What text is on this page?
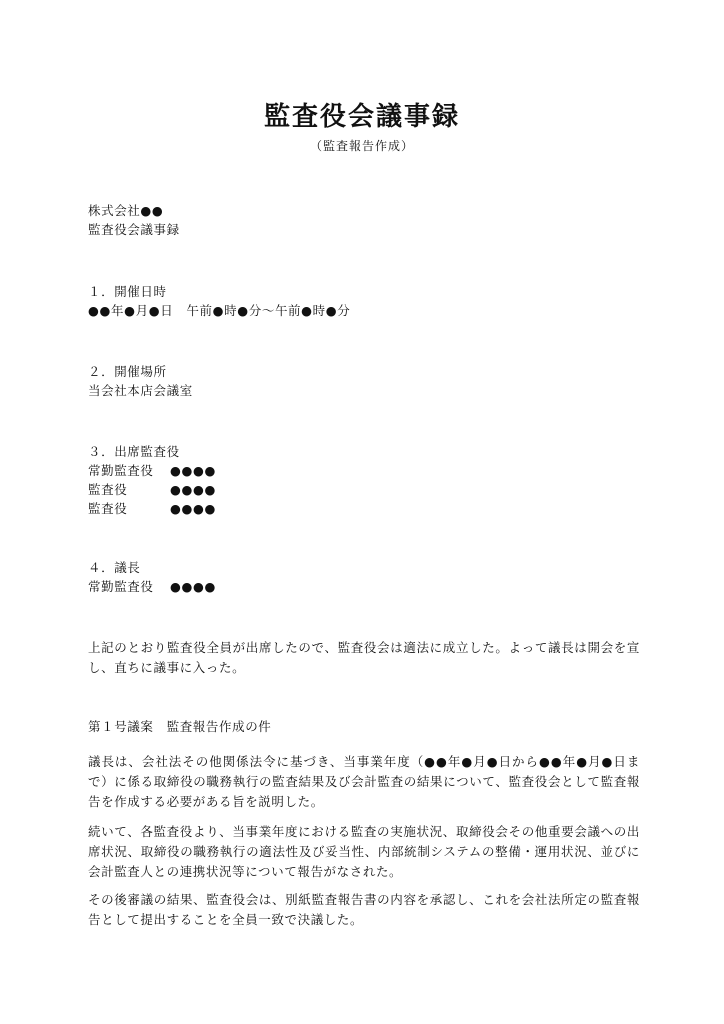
監査役会議事録
（監査報告作成）
株式会社●●
監査役会議事録
１．開催日時
●●年●月●日　午前●時●分〜午前●時●分
２．開催場所
当会社本店会議室
３．出席監査役
常勤監査役	●●●●
監査役	●●●●
監査役	●●●●
４．議長
常勤監査役	●●●●
上記のとおり監査役全員が出席したので、監査役会は適法に成立した。よって議長は開会を宣し、直ちに議事に入った。
第１号議案　監査報告作成の件
議長は、会社法その他関係法令に基づき、当事業年度（●●年●月●日から●●年●月●日まで）に係る取締役の職務執行の監査結果及び会計監査の結果について、監査役会として監査報告を作成する必要がある旨を説明した。
続いて、各監査役より、当事業年度における監査の実施状況、取締役会その他重要会議への出席状況、取締役の職務執行の適法性及び妥当性、内部統制システムの整備・運用状況、並びに会計監査人との連携状況等について報告がなされた。
その後審議の結果、監査役会は、別紙監査報告書の内容を承認し、これを会社法所定の監査報告として提出することを全員一致で決議した。
